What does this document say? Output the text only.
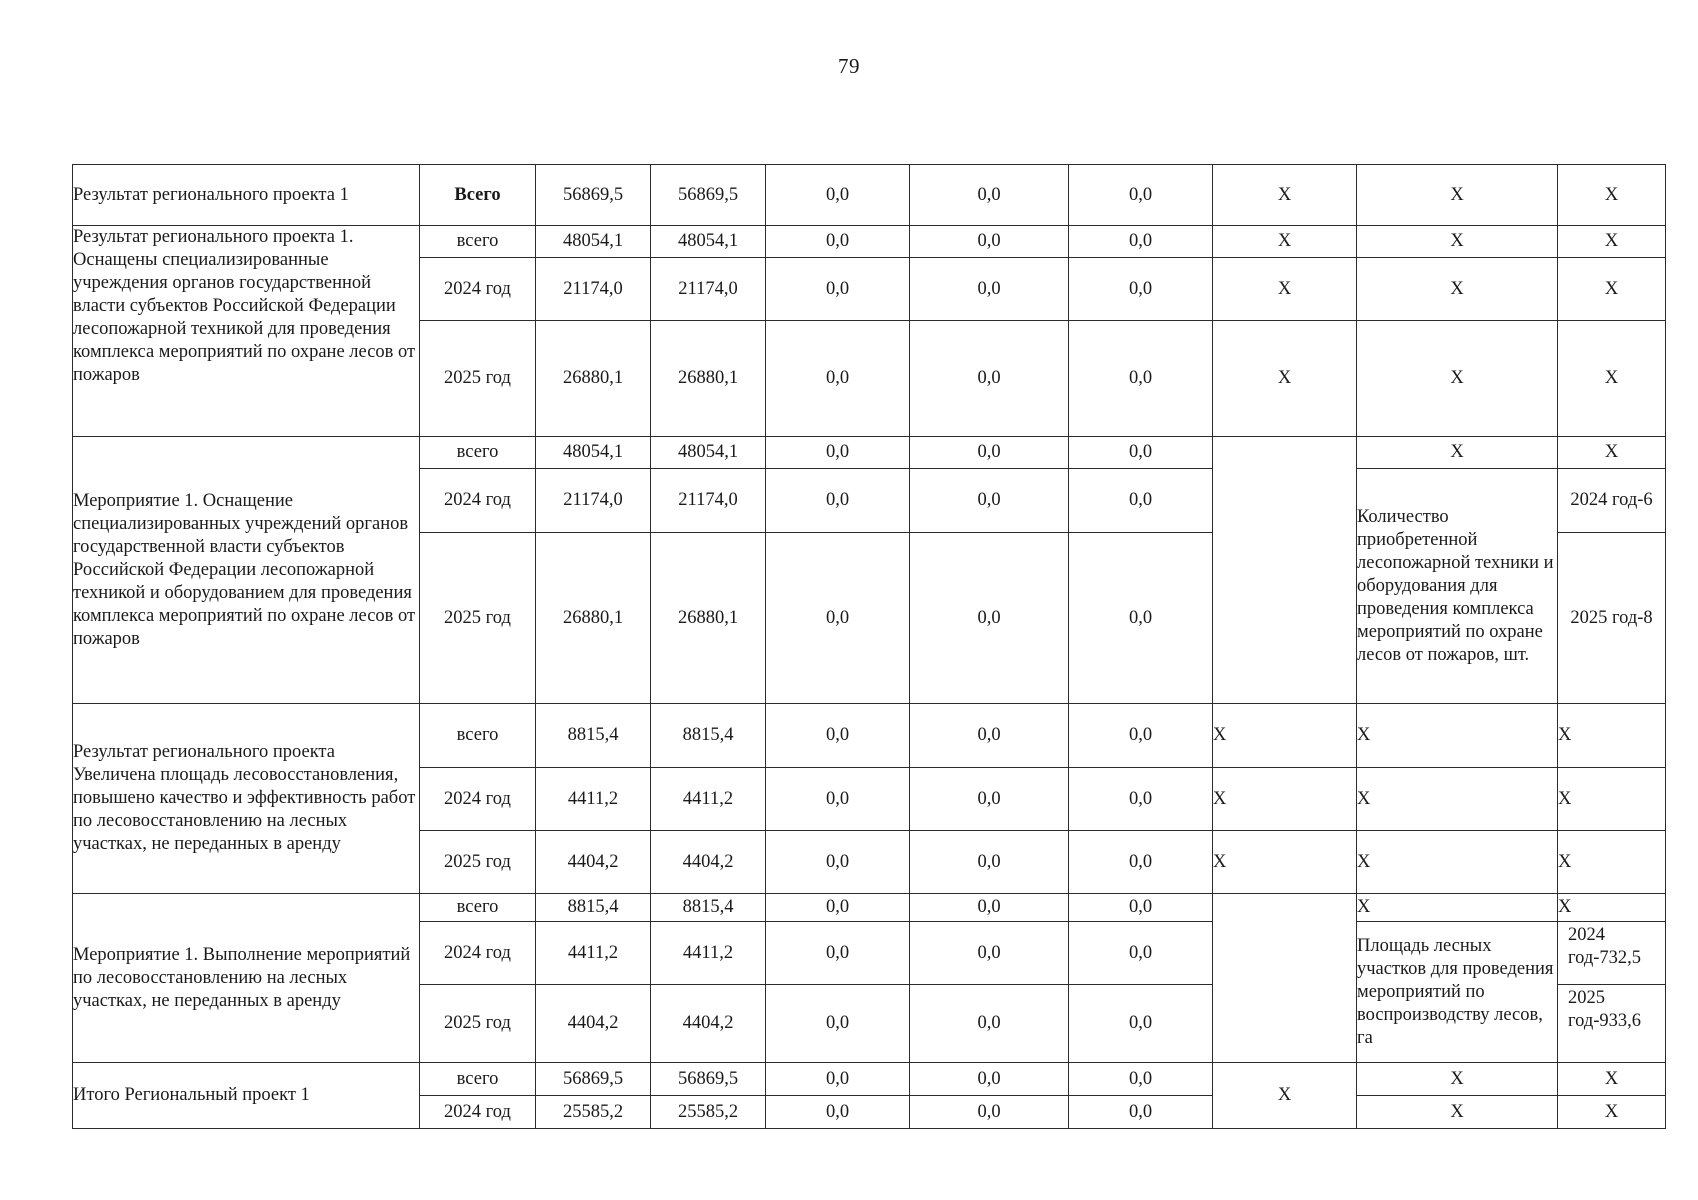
79
Результат регионального проекта 1	Всего	56869,5	56869,5	0,0	0,0	0,0	X	X	X
Результат регионального проекта 1. Оснащены специализированные учреждения органов государственной власти субъектов Российской Федерации лесопожарной техникой для проведения комплекса мероприятий по охране лесов от пожаров	всего	48054,1	48054,1	0,0	0,0	0,0	X	X	X
	2024 год	21174,0	21174,0	0,0	0,0	0,0	X	X	X
	2025 год	26880,1	26880,1	0,0	0,0	0,0	X	X	X
Мероприятие 1. Оснащение специализированных учреждений органов государственной власти субъектов Российской Федерации лесопожарной техникой и оборудованием для проведения комплекса мероприятий по охране лесов от пожаров	всего	48054,1	48054,1	0,0	0,0	0,0		X	X
	2024 год	21174,0	21174,0	0,0	0,0	0,0		Количество приобретенной лесопожарной техники и оборудования для проведения комплекса мероприятий по охране лесов от пожаров, шт.	2024 год-6
	2025 год	26880,1	26880,1	0,0	0,0	0,0			2025 год-8
Результат регионального проекта Увеличена площадь лесовосстановления, повышено качество и эффективность работ по лесовосстановлению на лесных участках, не переданных в аренду	всего	8815,4	8815,4	0,0	0,0	0,0	X	X	X
	2024 год	4411,2	4411,2	0,0	0,0	0,0	X	X	X
	2025 год	4404,2	4404,2	0,0	0,0	0,0	X	X	X
Мероприятие 1. Выполнение мероприятий по лесовосстановлению на лесных участках, не переданных в аренду	всего	8815,4	8815,4	0,0	0,0	0,0		X	X
	2024 год	4411,2	4411,2	0,0	0,0	0,0		Площадь лесных участков для проведения мероприятий по воспроизводству лесов, га	2024 год-732,5
	2025 год	4404,2	4404,2	0,0	0,0	0,0			2025 год-933,6
Итого Региональный проект 1	всего	56869,5	56869,5	0,0	0,0	0,0	X	X	X
	2024 год	25585,2	25585,2	0,0	0,0	0,0		X	X
